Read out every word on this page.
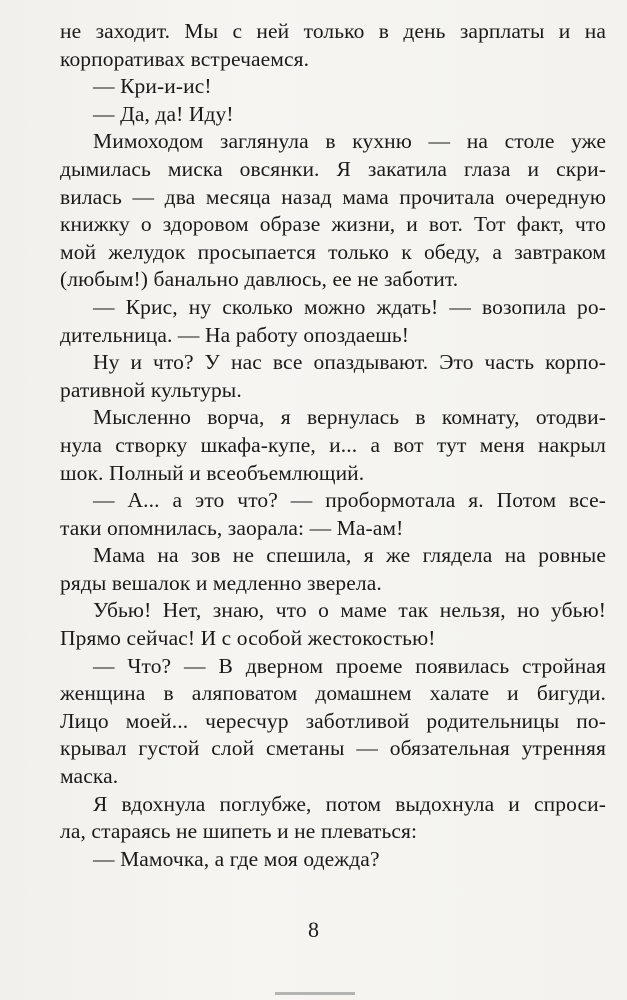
не заходит. Мы с ней только в день зарплаты и на
корпоративах встречаемся.
— Кри-и-ис!
— Да, да! Иду!
Мимоходом заглянула в кухню — на столе уже
дымилась миска овсянки. Я закатила глаза и скри-
вилась — два месяца назад мама прочитала очередную
книжку о здоровом образе жизни, и вот. Тот факт, что
мой желудок просыпается только к обеду, а завтраком
(любым!) банально давлюсь, ее не заботит.
— Крис, ну сколько можно ждать! — возопила ро-
дительница. — На работу опоздаешь!
Ну и что? У нас все опаздывают. Это часть корпо-
ративной культуры.
Мысленно ворча, я вернулась в комнату, отодви-
нула створку шкафа-купе, и... а вот тут меня накрыл
шок. Полный и всеобъемлющий.
— А... а это что? — пробормотала я. Потом все-
таки опомнилась, заорала: — Ма-ам!
Мама на зов не спешила, я же глядела на ровные
ряды вешалок и медленно зверела.
Убью! Нет, знаю, что о маме так нельзя, но убью!
Прямо сейчас! И с особой жестокостью!
— Что? — В дверном проеме появилась стройная
женщина в аляповатом домашнем халате и бигуди.
Лицо моей... чересчур заботливой родительницы по-
крывал густой слой сметаны — обязательная утренняя
маска.
Я вдохнула поглубже, потом выдохнула и спроси-
ла, стараясь не шипеть и не плеваться:
— Мамочка, а где моя одежда?
8
